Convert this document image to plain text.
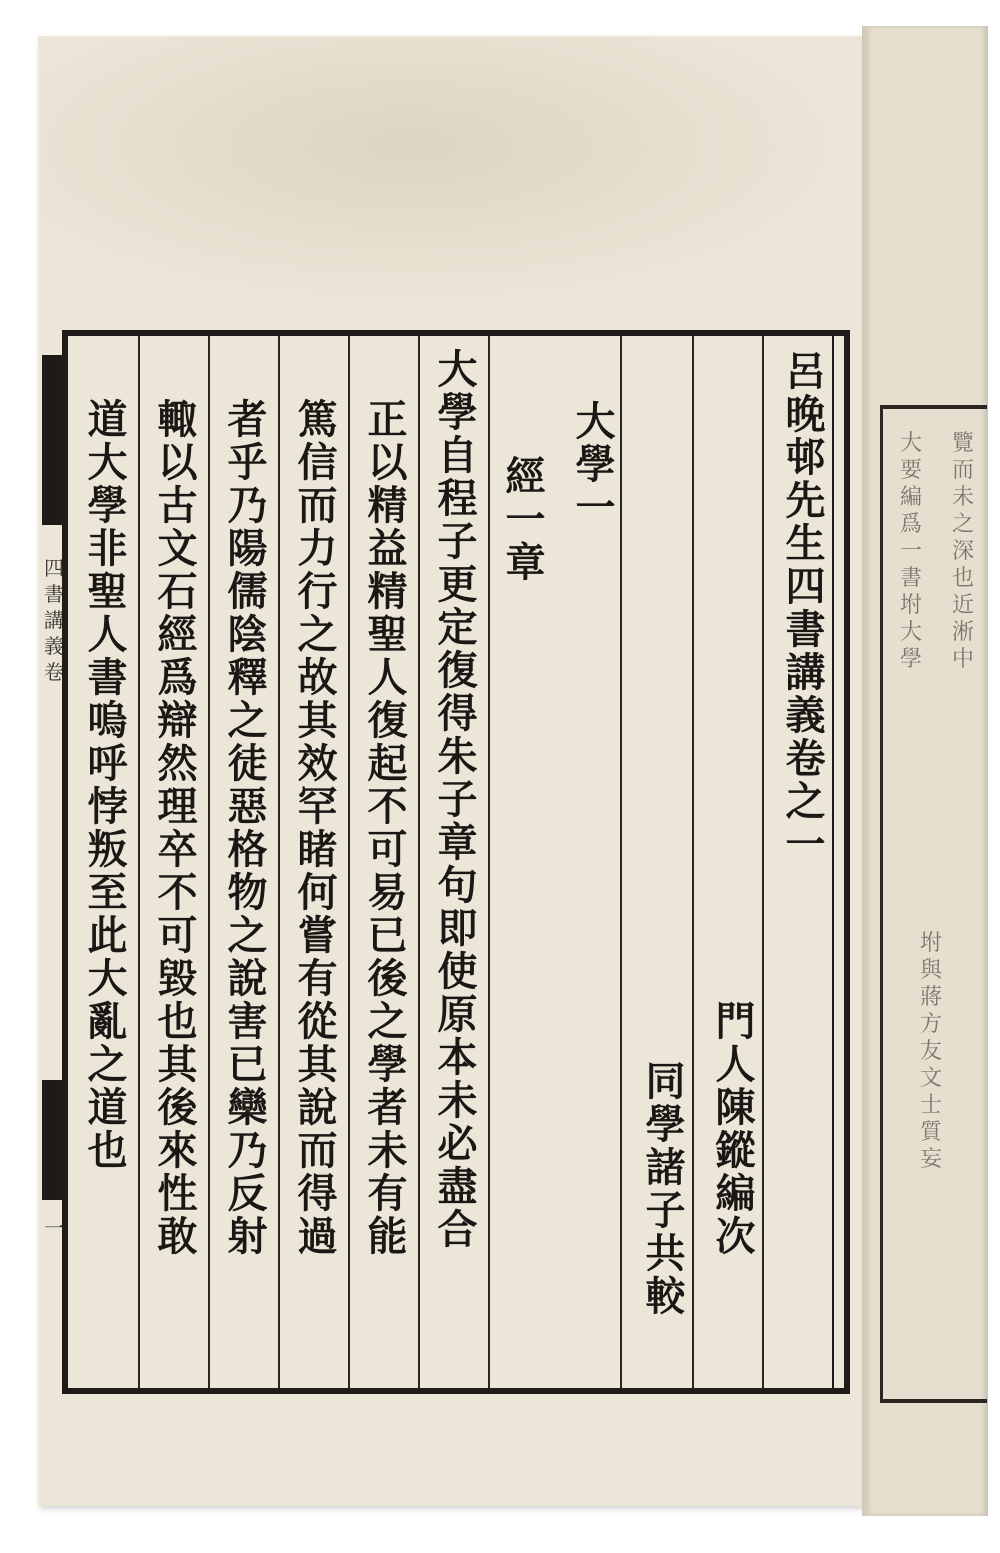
覽而未之深也近淅中
大要編爲一書坿大學
坿與蔣方友文士質妄
四書講義卷
一
呂晚邨先生四書講義卷之一
門人陳鏦編次
同學諸子共較
大學一
經一章
大學自程子更定復得朱子章句即使原本未必盡合
正以精益精聖人復起不可易已後之學者未有能
篤信而力行之故其效罕睹何嘗有從其說而得過
者乎乃陽儒陰釋之徒惡格物之說害已欒乃反射
輙以古文石經爲辯然理卒不可毀也其後來性敢
道大學非聖人書嗚呼悖叛至此大亂之道也
